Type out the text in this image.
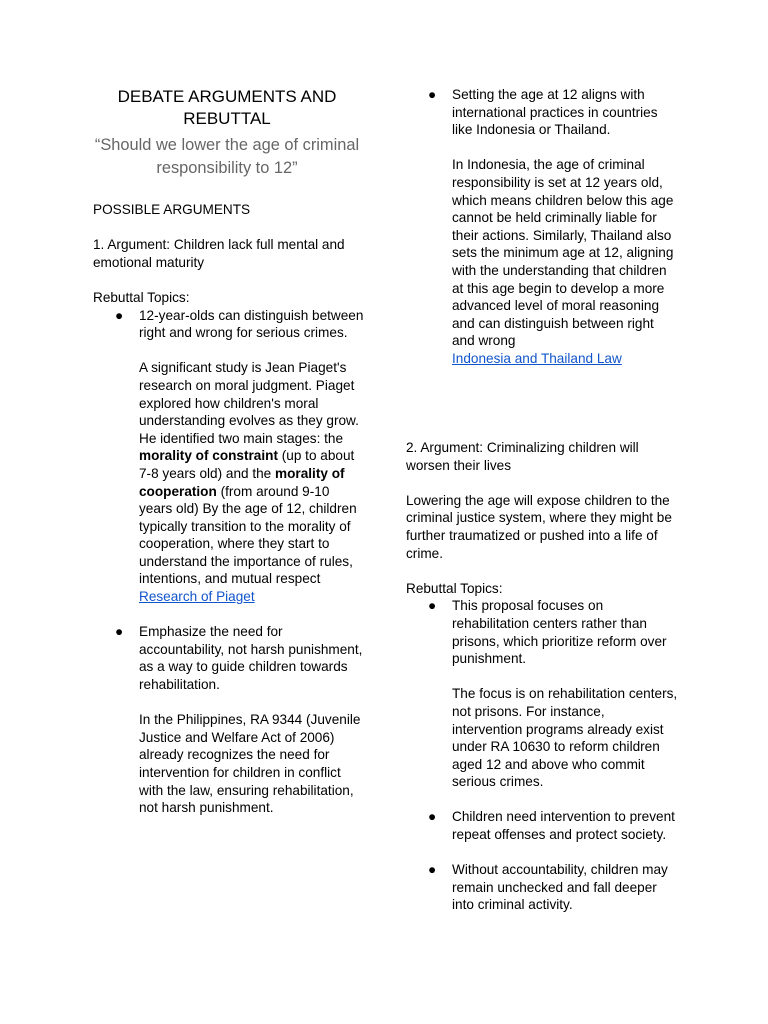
DEBATE ARGUMENTS AND REBUTTAL
“Should we lower the age of criminal responsibility to 12”

POSSIBLE ARGUMENTS

1. Argument: Children lack full mental and emotional maturity

Rebuttal Topics:

● 12-year-olds can distinguish between right and wrong for serious crimes.

A significant study is Jean Piaget's research on moral judgment. Piaget explored how children's moral understanding evolves as they grow. He identified two main stages: the morality of constraint (up to about 7-8 years old) and the morality of cooperation (from around 9-10 years old) By the age of 12, children typically transition to the morality of cooperation, where they start to understand the importance of rules, intentions, and mutual respect

Research of Piaget

● Emphasize the need for accountability, not harsh punishment, as a way to guide children towards rehabilitation.

In the Philippines, RA 9344 (Juvenile Justice and Welfare Act of 2006) already recognizes the need for intervention for children in conflict with the law, ensuring rehabilitation, not harsh punishment.

● Setting the age at 12 aligns with international practices in countries like Indonesia or Thailand.

In Indonesia, the age of criminal responsibility is set at 12 years old, which means children below this age cannot be held criminally liable for their actions. Similarly, Thailand also sets the minimum age at 12, aligning with the understanding that children at this age begin to develop a more advanced level of moral reasoning and can distinguish between right and wrong

Indonesia and Thailand Law

2. Argument: Criminalizing children will worsen their lives

Lowering the age will expose children to the criminal justice system, where they might be further traumatized or pushed into a life of crime.

Rebuttal Topics:

● This proposal focuses on rehabilitation centers rather than prisons, which prioritize reform over punishment.

The focus is on rehabilitation centers, not prisons. For instance, intervention programs already exist under RA 10630 to reform children aged 12 and above who commit serious crimes.

● Children need intervention to prevent repeat offenses and protect society.

● Without accountability, children may remain unchecked and fall deeper into criminal activity.
